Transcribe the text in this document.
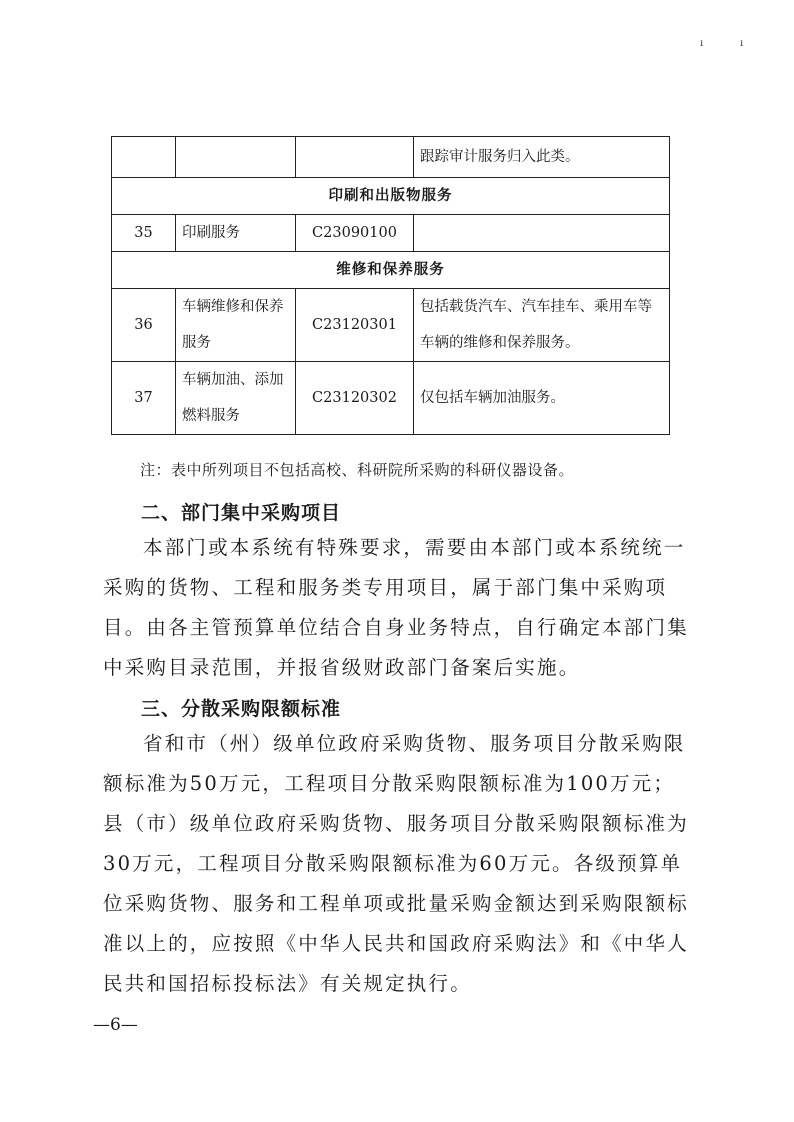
ı	ı
			跟踪审计服务归入此类。
印刷和出版物服务			
35	印刷服务	C23090100	
维修和保养服务			
36	车辆维修和保养服务	C23120301	包括载货汽车、汽车挂车、乘用车等车辆的维修和保养服务。
37	车辆加油、添加燃料服务	C23120302	仅包括车辆加油服务。
注：表中所列项目不包括高校、科研院所采购的科研仪器设备。
二、部门集中采购项目

本部门或本系统有特殊要求，需要由本部门或本系统统一采购的货物、工程和服务类专用项目，属于部门集中采购项目。由各主管预算单位结合自身业务特点，自行确定本部门集中采购目录范围，并报省级财政部门备案后实施。

三、分散采购限额标准

省和市（州）级单位政府采购货物、服务项目分散采购限额标准为50万元，工程项目分散采购限额标准为100万元；县（市）级单位政府采购货物、服务项目分散采购限额标准为30万元，工程项目分散采购限额标准为60万元。各级预算单位采购货物、服务和工程单项或批量采购金额达到采购限额标准以上的，应按照《中华人民共和国政府采购法》和《中华人民共和国招标投标法》有关规定执行。

—6—
